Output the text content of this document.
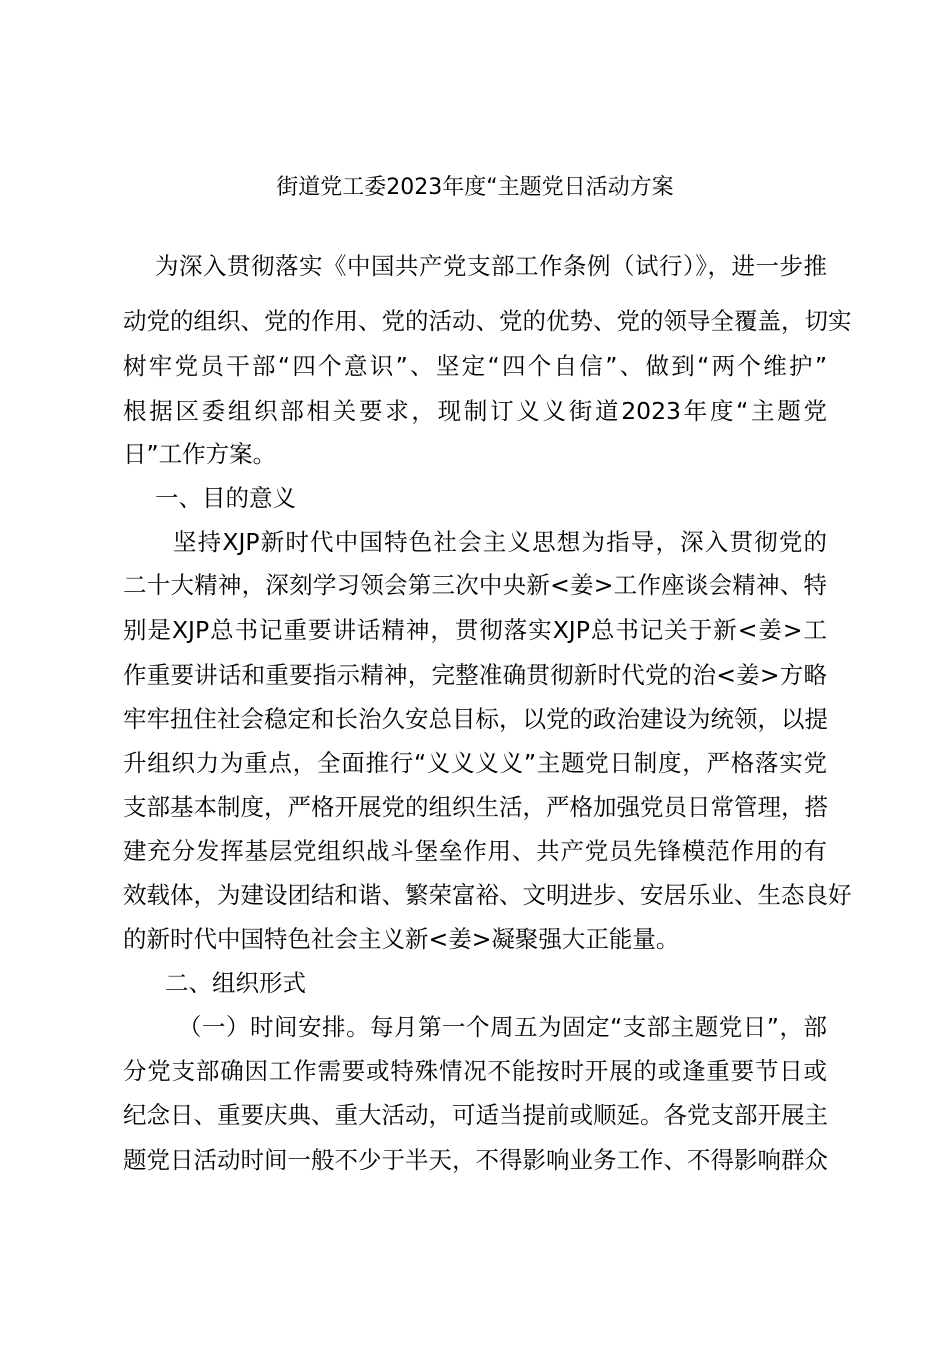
街道党工委2023年度“主题党日活动方案
为深入贯彻落实《中国共产党支部工作条例（试行）》，进一步推
动党的组织、党的作用、党的活动、党的优势、党的领导全覆盖，切实
树牢党员干部“四个意识”、坚定“四个自信”、做到“两个维护”
根据区委组织部相关要求，现制订义义街道2023年度“主题党
日”工作方案。
一、目的意义
坚持XJP新时代中国特色社会主义思想为指导，深入贯彻党的
二十大精神，深刻学习领会第三次中央新<姜>工作座谈会精神、特
别是XJP总书记重要讲话精神，贯彻落实XJP总书记关于新<姜>工
作重要讲话和重要指示精神，完整准确贯彻新时代党的治<姜>方略
牢牢扭住社会稳定和长治久安总目标，以党的政治建设为统领，以提
升组织力为重点，全面推行“义义义义”主题党日制度，严格落实党
支部基本制度，严格开展党的组织生活，严格加强党员日常管理，搭
建充分发挥基层党组织战斗堡垒作用、共产党员先锋模范作用的有
效载体，为建设团结和谐、繁荣富裕、文明进步、安居乐业、生态良好
的新时代中国特色社会主义新<姜>凝聚强大正能量。
二、组织形式
（一）时间安排。每月第一个周五为固定“支部主题党日”，部
分党支部确因工作需要或特殊情况不能按时开展的或逢重要节日或
纪念日、重要庆典、重大活动，可适当提前或顺延。各党支部开展主
题党日活动时间一般不少于半天，不得影响业务工作、不得影响群众
